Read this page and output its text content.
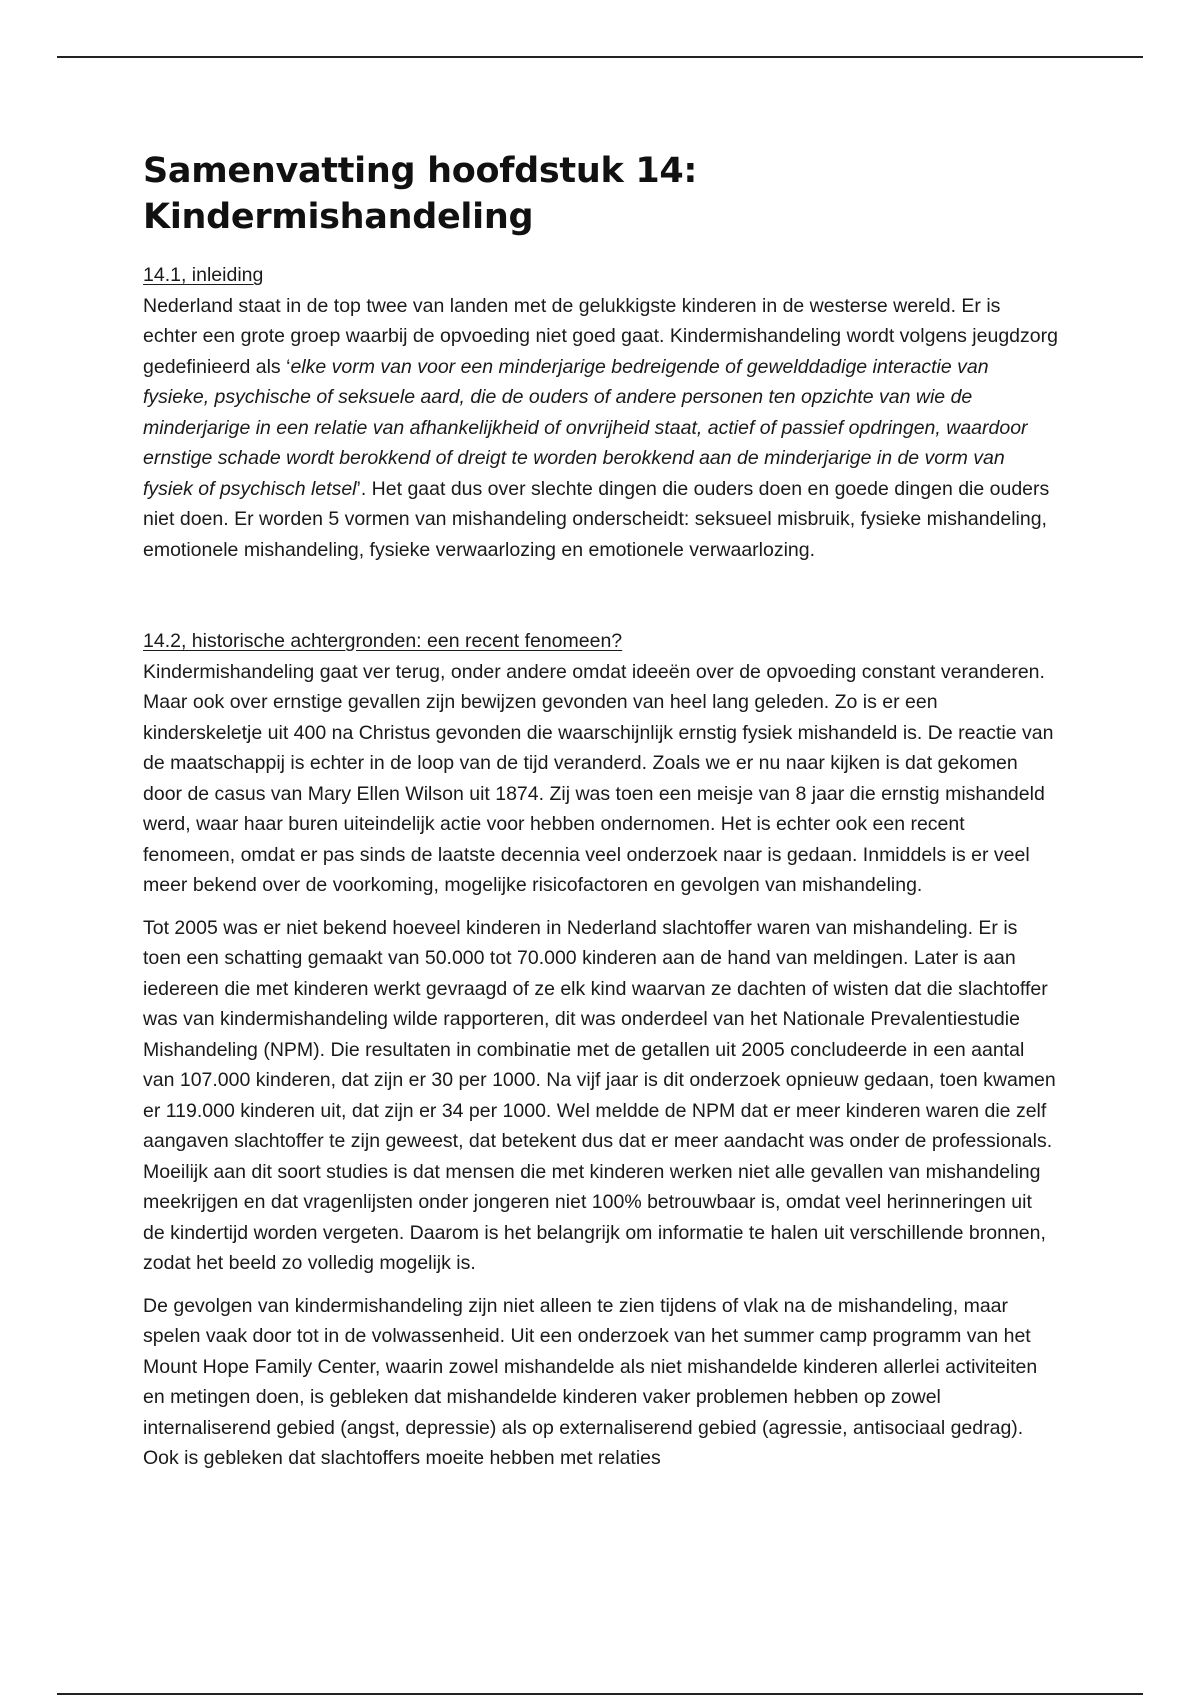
Samenvatting hoofdstuk 14: Kindermishandeling

14.1, inleiding

Nederland staat in de top twee van landen met de gelukkigste kinderen in de westerse wereld. Er is echter een grote groep waarbij de opvoeding niet goed gaat. Kindermishandeling wordt volgens jeugdzorg gedefinieerd als ‘elke vorm van voor een minderjarige bedreigende of gewelddadige interactie van fysieke, psychische of seksuele aard, die de ouders of andere personen ten opzichte van wie de minderjarige in een relatie van afhankelijkheid of onvrijheid staat, actief of passief opdringen, waardoor ernstige schade wordt berokkend of dreigt te worden berokkend aan de minderjarige in de vorm van fysiek of psychisch letsel’. Het gaat dus over slechte dingen die ouders doen en goede dingen die ouders niet doen. Er worden 5 vormen van mishandeling onderscheidt: seksueel misbruik, fysieke mishandeling, emotionele mishandeling, fysieke verwaarlozing en emotionele verwaarlozing.

14.2, historische achtergronden: een recent fenomeen?

Kindermishandeling gaat ver terug, onder andere omdat ideeën over de opvoeding constant veranderen. Maar ook over ernstige gevallen zijn bewijzen gevonden van heel lang geleden. Zo is er een kinderskeletje uit 400 na Christus gevonden die waarschijnlijk ernstig fysiek mishandeld is. De reactie van de maatschappij is echter in de loop van de tijd veranderd. Zoals we er nu naar kijken is dat gekomen door de casus van Mary Ellen Wilson uit 1874. Zij was toen een meisje van 8 jaar die ernstig mishandeld werd, waar haar buren uiteindelijk actie voor hebben ondernomen. Het is echter ook een recent fenomeen, omdat er pas sinds de laatste decennia veel onderzoek naar is gedaan. Inmiddels is er veel meer bekend over de voorkoming, mogelijke risicofactoren en gevolgen van mishandeling.

Tot 2005 was er niet bekend hoeveel kinderen in Nederland slachtoffer waren van mishandeling. Er is toen een schatting gemaakt van 50.000 tot 70.000 kinderen aan de hand van meldingen. Later is aan iedereen die met kinderen werkt gevraagd of ze elk kind waarvan ze dachten of wisten dat die slachtoffer was van kindermishandeling wilde rapporteren, dit was onderdeel van het Nationale Prevalentiestudie Mishandeling (NPM). Die resultaten in combinatie met de getallen uit 2005 concludeerde in een aantal van 107.000 kinderen, dat zijn er 30 per 1000. Na vijf jaar is dit onderzoek opnieuw gedaan, toen kwamen er 119.000 kinderen uit, dat zijn er 34 per 1000. Wel meldde de NPM dat er meer kinderen waren die zelf aangaven slachtoffer te zijn geweest, dat betekent dus dat er meer aandacht was onder de professionals.

Moeilijk aan dit soort studies is dat mensen die met kinderen werken niet alle gevallen van mishandeling meekrijgen en dat vragenlijsten onder jongeren niet 100% betrouwbaar is, omdat veel herinneringen uit de kindertijd worden vergeten. Daarom is het belangrijk om informatie te halen uit verschillende bronnen, zodat het beeld zo volledig mogelijk is.

De gevolgen van kindermishandeling zijn niet alleen te zien tijdens of vlak na de mishandeling, maar spelen vaak door tot in de volwassenheid. Uit een onderzoek van het summer camp programm van het Mount Hope Family Center, waarin zowel mishandelde als niet mishandelde kinderen allerlei activiteiten en metingen doen, is gebleken dat mishandelde kinderen vaker problemen hebben op zowel internaliserend gebied (angst, depressie) als op externaliserend gebied (agressie, antisociaal gedrag). Ook is gebleken dat slachtoffers moeite hebben met relaties
